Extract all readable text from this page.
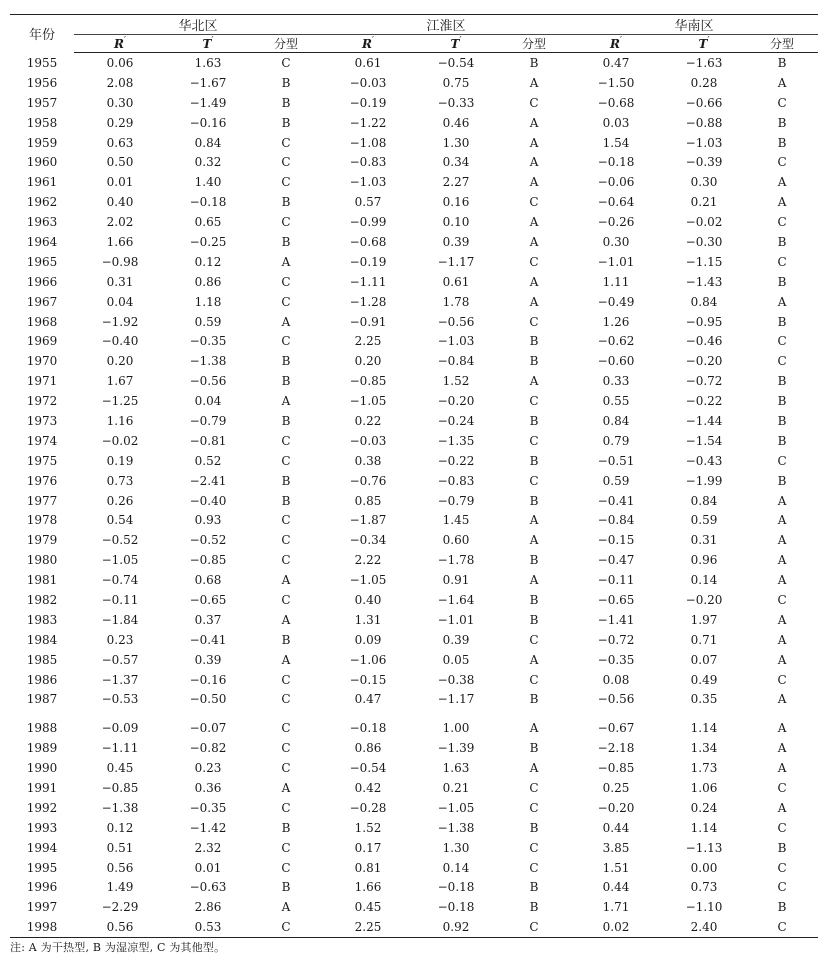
年份	华北区			江淮区			华南区		
	R′	T′	分型	R′	T′	分型	R′	T′	分型
1955	0.06	1.63	C	0.61	−0.54	B	0.47	−1.63	B
1956	2.08	−1.67	B	−0.03	0.75	A	−1.50	0.28	A
1957	0.30	−1.49	B	−0.19	−0.33	C	−0.68	−0.66	C
1958	0.29	−0.16	B	−1.22	0.46	A	0.03	−0.88	B
1959	0.63	0.84	C	−1.08	1.30	A	1.54	−1.03	B
1960	0.50	0.32	C	−0.83	0.34	A	−0.18	−0.39	C
1961	0.01	1.40	C	−1.03	2.27	A	−0.06	0.30	A
1962	0.40	−0.18	B	0.57	0.16	C	−0.64	0.21	A
1963	2.02	0.65	C	−0.99	0.10	A	−0.26	−0.02	C
1964	1.66	−0.25	B	−0.68	0.39	A	0.30	−0.30	B
1965	−0.98	0.12	A	−0.19	−1.17	C	−1.01	−1.15	C
1966	0.31	0.86	C	−1.11	0.61	A	1.11	−1.43	B
1967	0.04	1.18	C	−1.28	1.78	A	−0.49	0.84	A
1968	−1.92	0.59	A	−0.91	−0.56	C	1.26	−0.95	B
1969	−0.40	−0.35	C	2.25	−1.03	B	−0.62	−0.46	C
1970	0.20	−1.38	B	0.20	−0.84	B	−0.60	−0.20	C
1971	1.67	−0.56	B	−0.85	1.52	A	0.33	−0.72	B
1972	−1.25	0.04	A	−1.05	−0.20	C	0.55	−0.22	B
1973	1.16	−0.79	B	0.22	−0.24	B	0.84	−1.44	B
1974	−0.02	−0.81	C	−0.03	−1.35	C	0.79	−1.54	B
1975	0.19	0.52	C	0.38	−0.22	B	−0.51	−0.43	C
1976	0.73	−2.41	B	−0.76	−0.83	C	0.59	−1.99	B
1977	0.26	−0.40	B	0.85	−0.79	B	−0.41	0.84	A
1978	0.54	0.93	C	−1.87	1.45	A	−0.84	0.59	A
1979	−0.52	−0.52	C	−0.34	0.60	A	−0.15	0.31	A
1980	−1.05	−0.85	C	2.22	−1.78	B	−0.47	0.96	A
1981	−0.74	0.68	A	−1.05	0.91	A	−0.11	0.14	A
1982	−0.11	−0.65	C	0.40	−1.64	B	−0.65	−0.20	C
1983	−1.84	0.37	A	1.31	−1.01	B	−1.41	1.97	A
1984	0.23	−0.41	B	0.09	0.39	C	−0.72	0.71	A
1985	−0.57	0.39	A	−1.06	0.05	A	−0.35	0.07	A
1986	−1.37	−0.16	C	−0.15	−0.38	C	0.08	0.49	C
1987	−0.53	−0.50	C	0.47	−1.17	B	−0.56	0.35	A
1988	−0.09	−0.07	C	−0.18	1.00	A	−0.67	1.14	A
1989	−1.11	−0.82	C	0.86	−1.39	B	−2.18	1.34	A
1990	0.45	0.23	C	−0.54	1.63	A	−0.85	1.73	A
1991	−0.85	0.36	A	0.42	0.21	C	0.25	1.06	C
1992	−1.38	−0.35	C	−0.28	−1.05	C	−0.20	0.24	A
1993	0.12	−1.42	B	1.52	−1.38	B	0.44	1.14	C
1994	0.51	2.32	C	0.17	1.30	C	3.85	−1.13	B
1995	0.56	0.01	C	0.81	0.14	C	1.51	0.00	C
1996	1.49	−0.63	B	1.66	−0.18	B	0.44	0.73	C
1997	−2.29	2.86	A	0.45	−0.18	B	1.71	−1.10	B
1998	0.56	0.53	C	2.25	0.92	C	0.02	2.40	C
注: A 为干热型, B 为湿凉型, C 为其他型。
